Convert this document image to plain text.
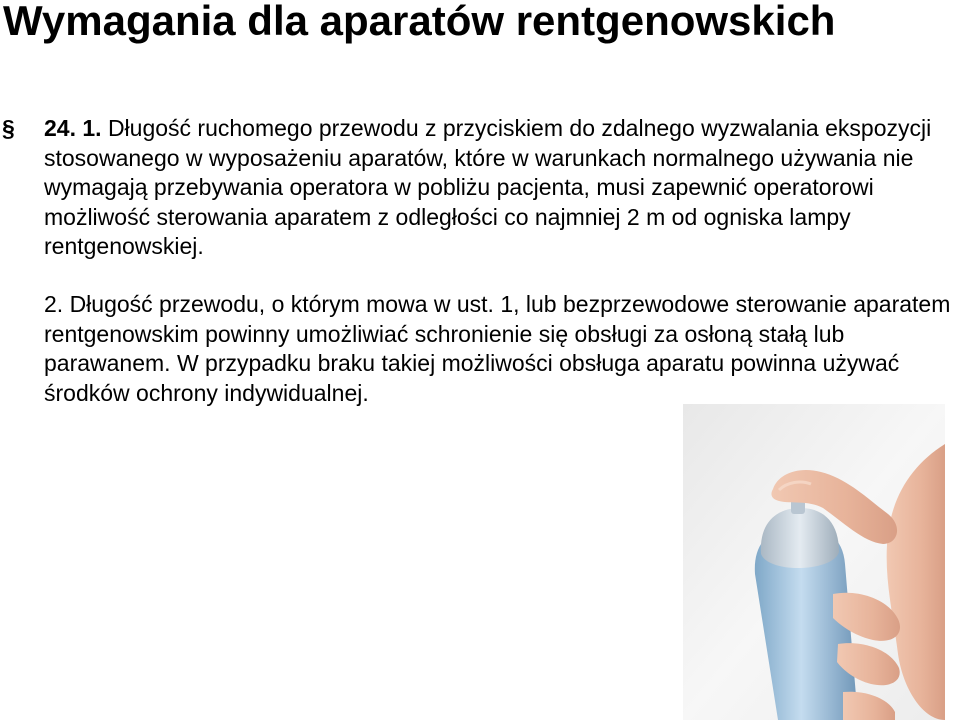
Wymagania dla aparatów rentgenowskich

§ 24. 1. Długość ruchomego przewodu z przyciskiem do zdalnego wyzwalania ekspozycji stosowanego w wyposażeniu aparatów, które w warunkach normalnego używania nie wymagają przebywania operatora w pobliżu pacjenta, musi zapewnić operatorowi możliwość sterowania aparatem z odległości co najmniej 2 m od ogniska lampy rentgenowskiej.

2. Długość przewodu, o którym mowa w ust. 1, lub bezprzewodowe sterowanie aparatem rentgenowskim powinny umożliwiać schronienie się obsługi za osłoną stałą lub parawanem. W przypadku braku takiej możliwości obsługa aparatu powinna używać środków ochrony indywidualnej.
